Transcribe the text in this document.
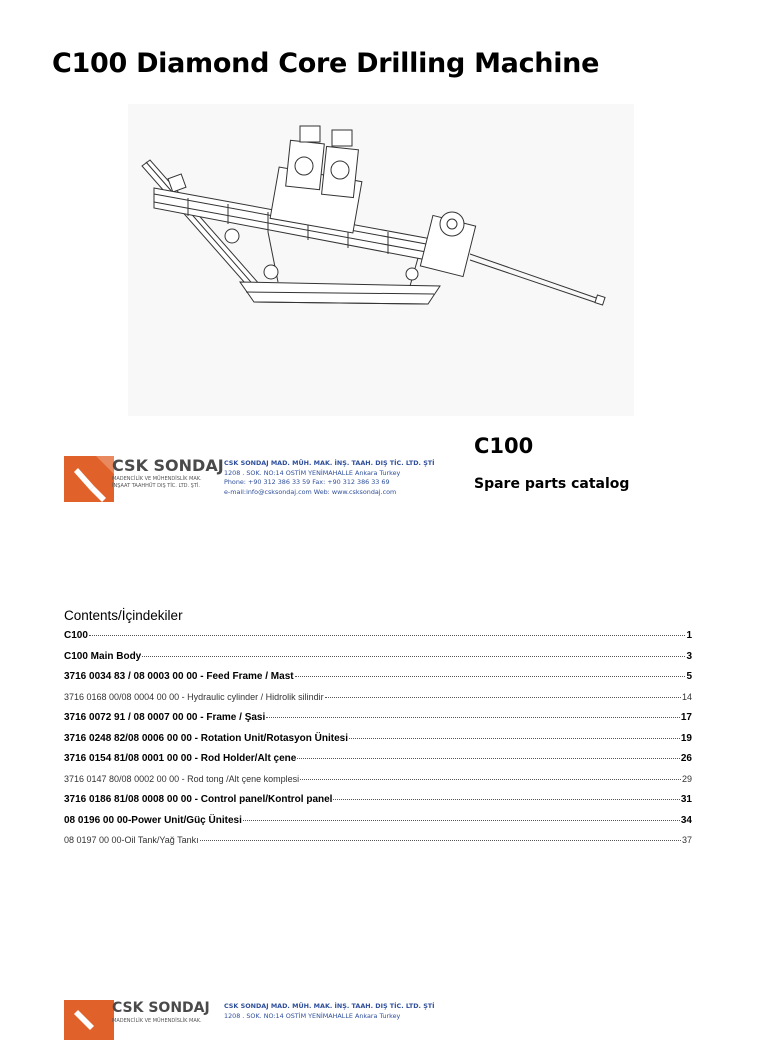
C100 Diamond Core Drilling Machine
CSK SONDAJ
MADENCİLİK VE MÜHENDİSLİK MAK.
İNŞAAT TAAHHÜT DIŞ TİC. LTD. ŞTİ.
CSK SONDAJ MAD. MÜH. MAK. İNŞ. TAAH. DIŞ TİC. LTD. ŞTİ
1208 . SOK. NO:14 OSTİM YENİMAHALLE Ankara Turkey
Phone: +90 312 386 33 59 Fax: +90 312 386 33 69
e-mail:info@csksondaj.com Web: www.csksondaj.com
C100
Spare parts catalog
Contents/İçindekiler
C100	1
C100 Main Body	3
3716 0034 83 / 08 0003 00 00 - Feed Frame / Mast	5
3716 0168 00/08 0004 00 00 - Hydraulic cylinder / Hidrolik silindir	14
3716 0072 91 / 08 0007 00 00 - Frame / Şasi	17
3716 0248 82/08 0006 00 00 - Rotation Unit/Rotasyon Ünitesi	19
3716 0154 81/08 0001 00 00 - Rod Holder/Alt çene	26
3716 0147 80/08 0002 00 00 - Rod tong /Alt çene komplesi	29
3716 0186 81/08 0008 00 00 - Control panel/Kontrol panel	31
08 0196 00 00-Power Unit/Güç Ünitesi	34
08 0197 00 00-Oil Tank/Yağ Tankı	37
CSK SONDAJ
MADENCİLİK VE MÜHENDİSLİK MAK.
CSK SONDAJ MAD. MÜH. MAK. İNŞ. TAAH. DIŞ TİC. LTD. ŞTİ
1208 . SOK. NO:14 OSTİM YENİMAHALLE Ankara Turkey
